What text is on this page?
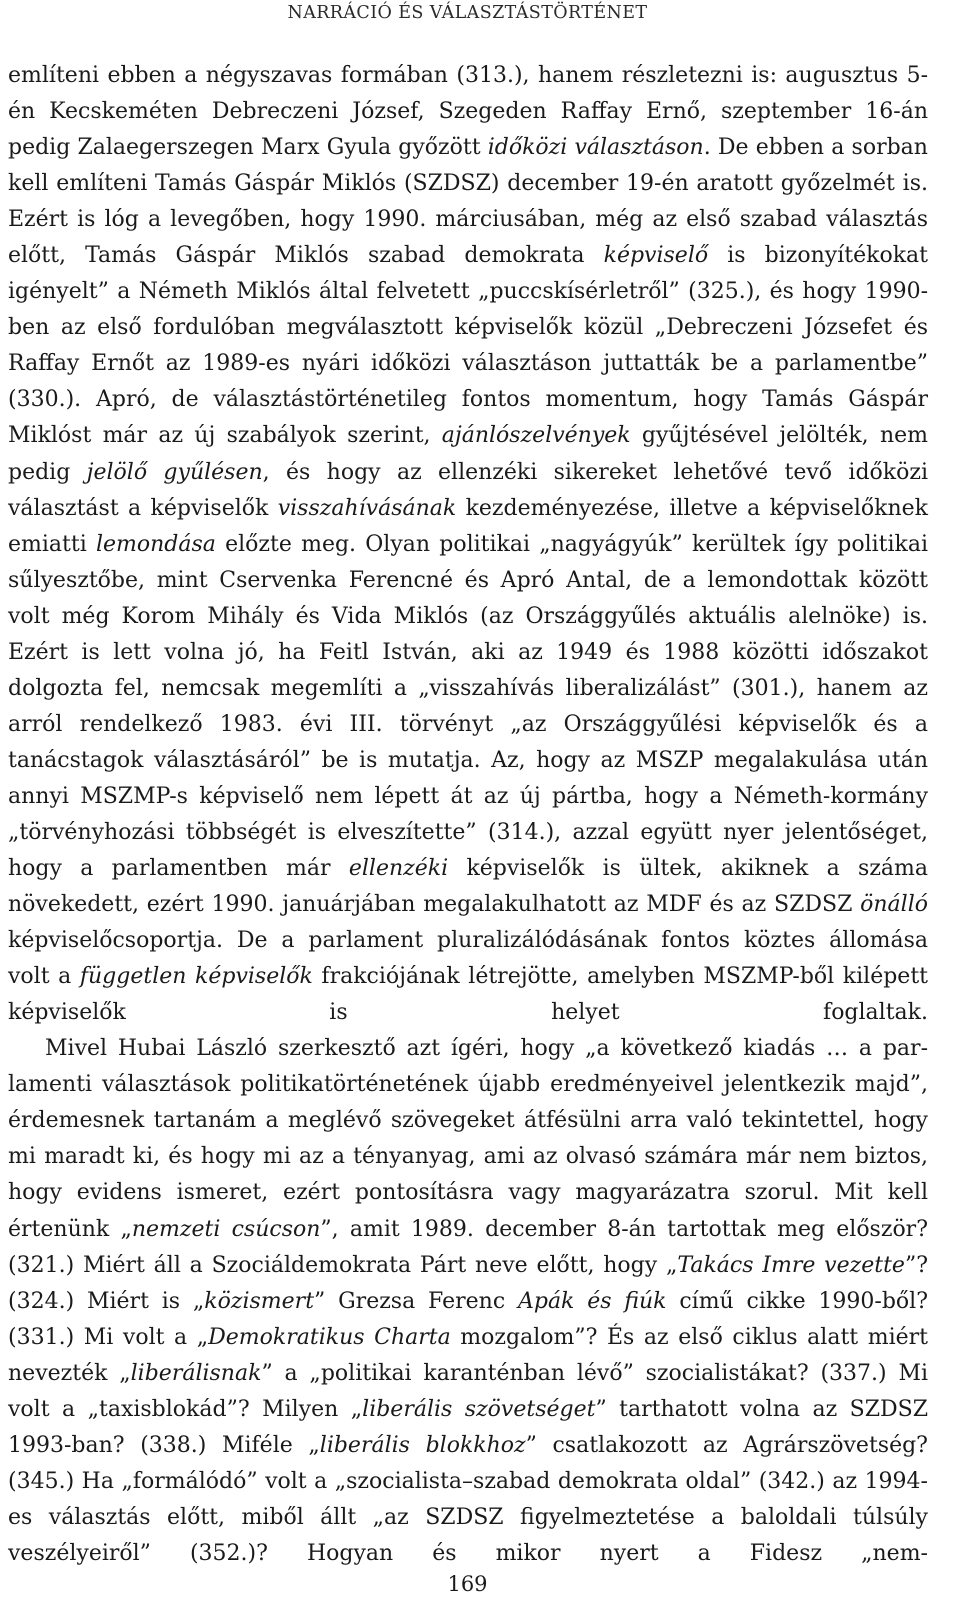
NARRÁCIÓ ÉS VÁLASZTÁSTÖRTÉNET

említeni ebben a négyszavas formában (313.), hanem részletezni is: augusztus 5-én Kecskeméten Debreczeni József, Szegeden Raffay Ernő, szeptember 16-án pedig Zalaegerszegen Marx Gyula győzött időközi választáson. De ebben a sorban kell említeni Tamás Gáspár Miklós (SZDSZ) december 19-én aratott győzelmét is. Ezért is lóg a levegőben, hogy 1990. márciusában, még az első szabad választás előtt, Tamás Gáspár Miklós szabad demokrata képviselő is bizonyítékokat igényelt” a Németh Miklós által felvetett „puccskísérletről” (325.), és hogy 1990-ben az első fordulóban megválasztott képviselők közül „Debreczeni Józsefet és Raffay Ernőt az 1989-es nyári időközi választáson juttatták be a parlamentbe” (330.). Apró, de választástörténetileg fontos momentum, hogy Tamás Gáspár Miklóst már az új szabályok szerint, ajánlószelvények gyűjtésével jelölték, nem pedig jelölő gyűlésen, és hogy az ellenzéki sikereket lehetővé tevő időközi választást a képviselők visszahívásának kezdeményezése, illetve a képviselőknek emiatti lemondása előzte meg. Olyan politikai „nagyágyúk” kerültek így politikai sűlyesztőbe, mint Cservenka Ferencné és Apró Antal, de a lemondottak között volt még Korom Mihály és Vida Miklós (az Országgyűlés aktuális alelnöke) is. Ezért is lett volna jó, ha Feitl István, aki az 1949 és 1988 közötti időszakot dolgozta fel, nemcsak megemlíti a „visszahívás liberalizálást” (301.), hanem az arról rendelkező 1983. évi III. törvényt „az Országgyűlési képviselők és a tanácstagok választásáról” be is mutatja. Az, hogy az MSZP megalakulása után annyi MSZMP-s képviselő nem lépett át az új pártba, hogy a Németh-kormány „törvényhozási többségét is elveszítette” (314.), azzal együtt nyer jelentőséget, hogy a parlamentben már ellenzéki képviselők is ültek, akiknek a száma növekedett, ezért 1990. januárjában megalakulhatott az MDF és az SZDSZ önálló képviselőcsoportja. De a parlament pluralizálódásának fontos köztes állomása volt a független képviselők frakciójának létrejötte, amelyben MSZMP-ből kilépett képviselők is helyet foglaltak.

Mivel Hubai László szerkesztő azt ígéri, hogy „a következő kiadás … a parlamenti választások politikatörténetének újabb eredményeivel jelentkezik majd”, érdemesnek tartanám a meglévő szövegeket átfésülni arra való tekintettel, hogy mi maradt ki, és hogy mi az a tényanyag, ami az olvasó számára már nem biztos, hogy evidens ismeret, ezért pontosításra vagy magyarázatra szorul. Mit kell értenünk „nemzeti csúcson”, amit 1989. december 8-án tartottak meg először? (321.) Miért áll a Szociáldemokrata Párt neve előtt, hogy „Takács Imre vezette”? (324.) Miért is „közismert” Grezsa Ferenc Apák és fiúk című cikke 1990-ből? (331.) Mi volt a „Demokratikus Charta mozgalom”? És az első ciklus alatt miért nevezték „liberálisnak” a „politikai karanténban lévő” szocialistákat? (337.) Mi volt a „taxisblokád”? Milyen „liberális szövetséget” tarthatott volna az SZDSZ 1993-ban? (338.) Miféle „liberális blokkhoz” csatlakozott az Agrárszövetség? (345.) Ha „formálódó” volt a „szocialista–szabad demokrata oldal” (342.) az 1994-es választás előtt, miből állt „az SZDSZ figyelmeztetése a baloldali túlsúly veszélyeiről” (352.)? Hogyan és mikor nyert a Fidesz „nem-

169
